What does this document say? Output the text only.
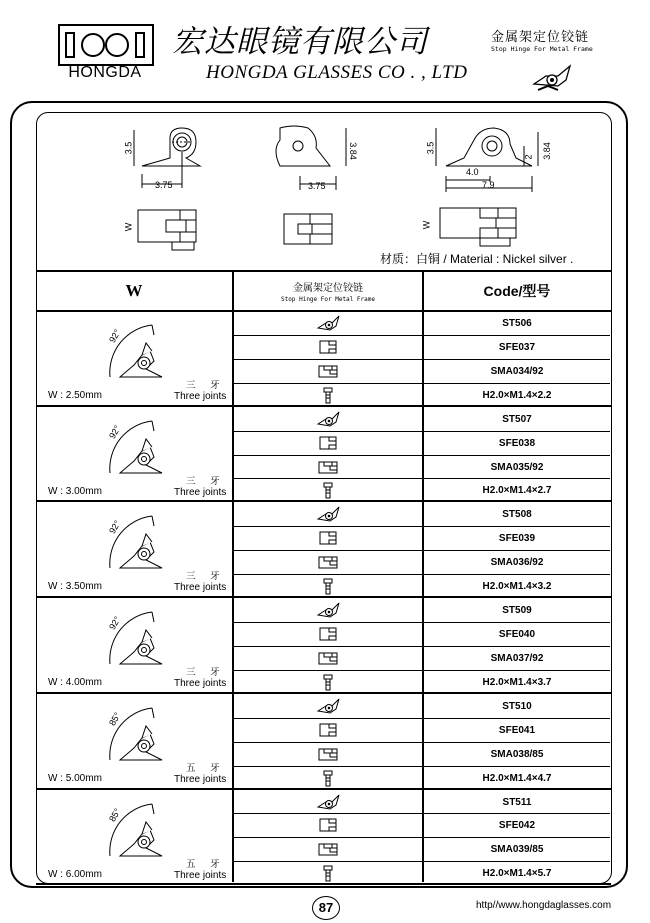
HONGDA
宏达眼镜有限公司
HONGDA GLASSES CO . , LTD
金属架定位铰链
Stop Hinge For Metal Frame
3.5
3.75
3.84
3.75
3.5
2 3.84
4.0
7.9
W	W
材质：白铜 / Material : Nickel silver .
W	金属架定位铰链
Stop Hinge For Metal Frame
Code/型号
92°
三 牙
W : 2.50mm	Three joints
ST506
SFE037
SMA034/92
H2.0×M1.4×2.2
92°
三 牙
W : 3.00mm	Three joints
ST507
SFE038
SMA035/92
H2.0×M1.4×2.7
92°
三 牙
W : 3.50mm	Three joints
ST508
SFE039
SMA036/92
H2.0×M1.4×3.2
92°
三 牙
W : 4.00mm	Three joints
ST509
SFE040
SMA037/92
H2.0×M1.4×3.7
85°
五 牙
W : 5.00mm	Three joints
ST510
SFE041
SMA038/85
H2.0×M1.4×4.7
85°
五 牙
W : 6.00mm	Three joints
ST511
SFE042
SMA039/85
H2.0×M1.4×5.7
87	http//www.hongdaglasses.com
